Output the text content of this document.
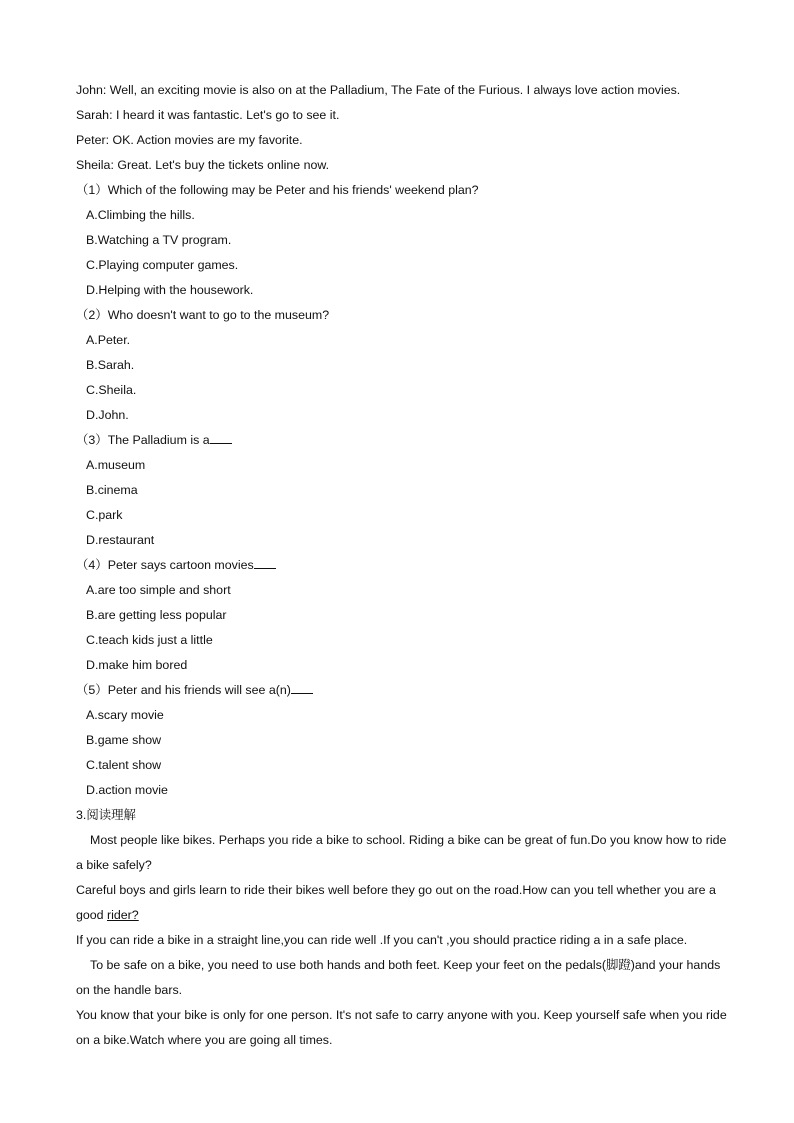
John: Well, an exciting movie is also on at the Palladium, The Fate of the Furious. I always love action movies.
Sarah: I heard it was fantastic. Let's go to see it.
Peter: OK. Action movies are my favorite.
Sheila: Great. Let's buy the tickets online now.
（1）Which of the following may be Peter and his friends' weekend plan?
A.Climbing the hills.
B.Watching a TV program.
C.Playing computer games.
D.Helping with the housework.
（2）Who doesn't want to go to the museum?
A.Peter.
B.Sarah.
C.Sheila.
D.John.
（3）The Palladium is a
A.museum
B.cinema
C.park
D.restaurant
（4）Peter says cartoon movies
A.are too simple and short
B.are getting less popular
C.teach kids just a little
D.make him bored
（5）Peter and his friends will see a(n)
A.scary movie
B.game show
C.talent show
D.action movie
3.阅读理解
Most people like bikes. Perhaps you ride a bike to school. Riding a bike can be great of fun.Do you know how to ride a bike safely?
Careful boys and girls learn to ride their bikes well before they go out on the road.How can you tell whether you are a good rider?
If you can ride a bike in a straight line,you can ride well .If you can't ,you should practice riding a in a safe place.
To be safe on a bike, you need to use both hands and both feet. Keep your feet on the pedals(脚蹬)and your hands on the handle bars.
You know that your bike is only for one person. It's not safe to carry anyone with you. Keep yourself safe when you ride on a bike.Watch where you are going all times.
